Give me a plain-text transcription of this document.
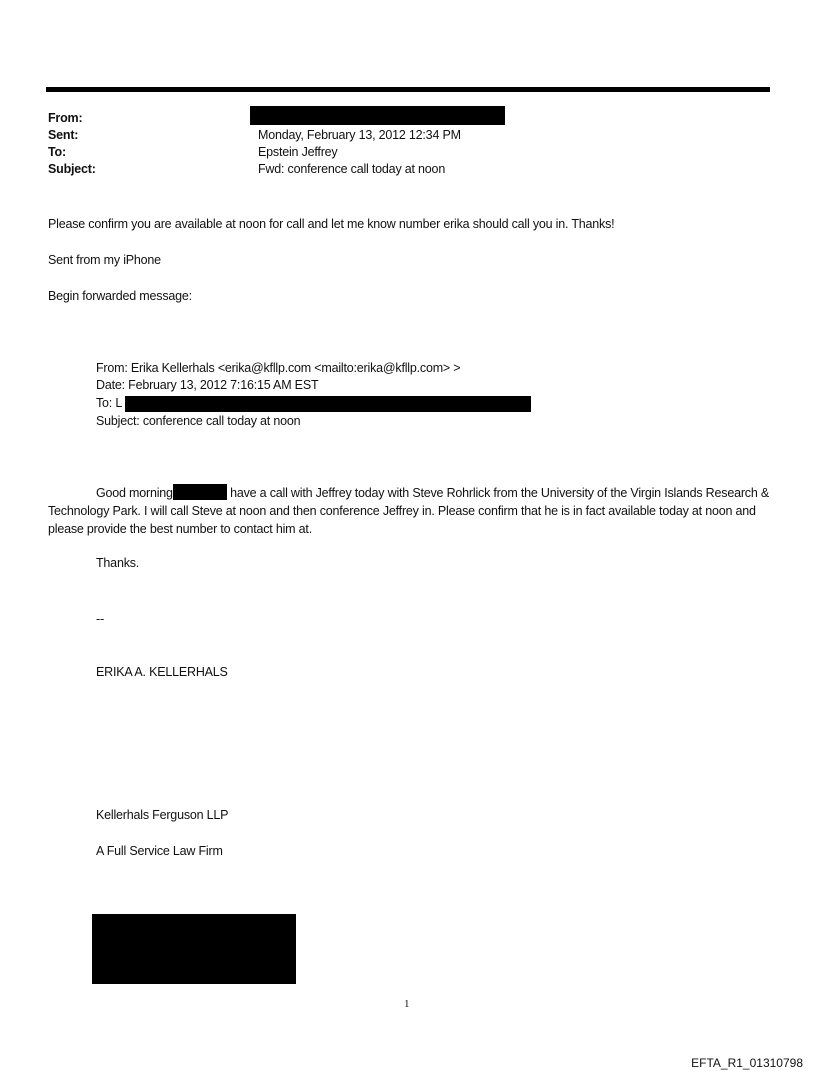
From:
Sent:	Monday, February 13, 2012 12:34 PM
To:	Epstein Jeffrey
Subject:	Fwd: conference call today at noon
Please confirm you are available at noon for call and let me know number erika should call you in. Thanks!
Sent from my iPhone
Begin forwarded message:
From: Erika Kellerhals <erika@kfllp.com <mailto:erika@kfllp.com> >
Date: February 13, 2012 7:16:15 AM EST
To: L
Subject: conference call today at noon
Good morning	have a call with Jeffrey today with Steve Rohrlick from the University of the Virgin Islands Research & Technology Park. I will call Steve at noon and then conference Jeffrey in. Please confirm that he is in fact available today at noon and please provide the best number to contact him at.
Thanks.
--
ERIKA A. KELLERHALS
Kellerhals Ferguson LLP
A Full Service Law Firm
1
EFTA_R1_01310798
